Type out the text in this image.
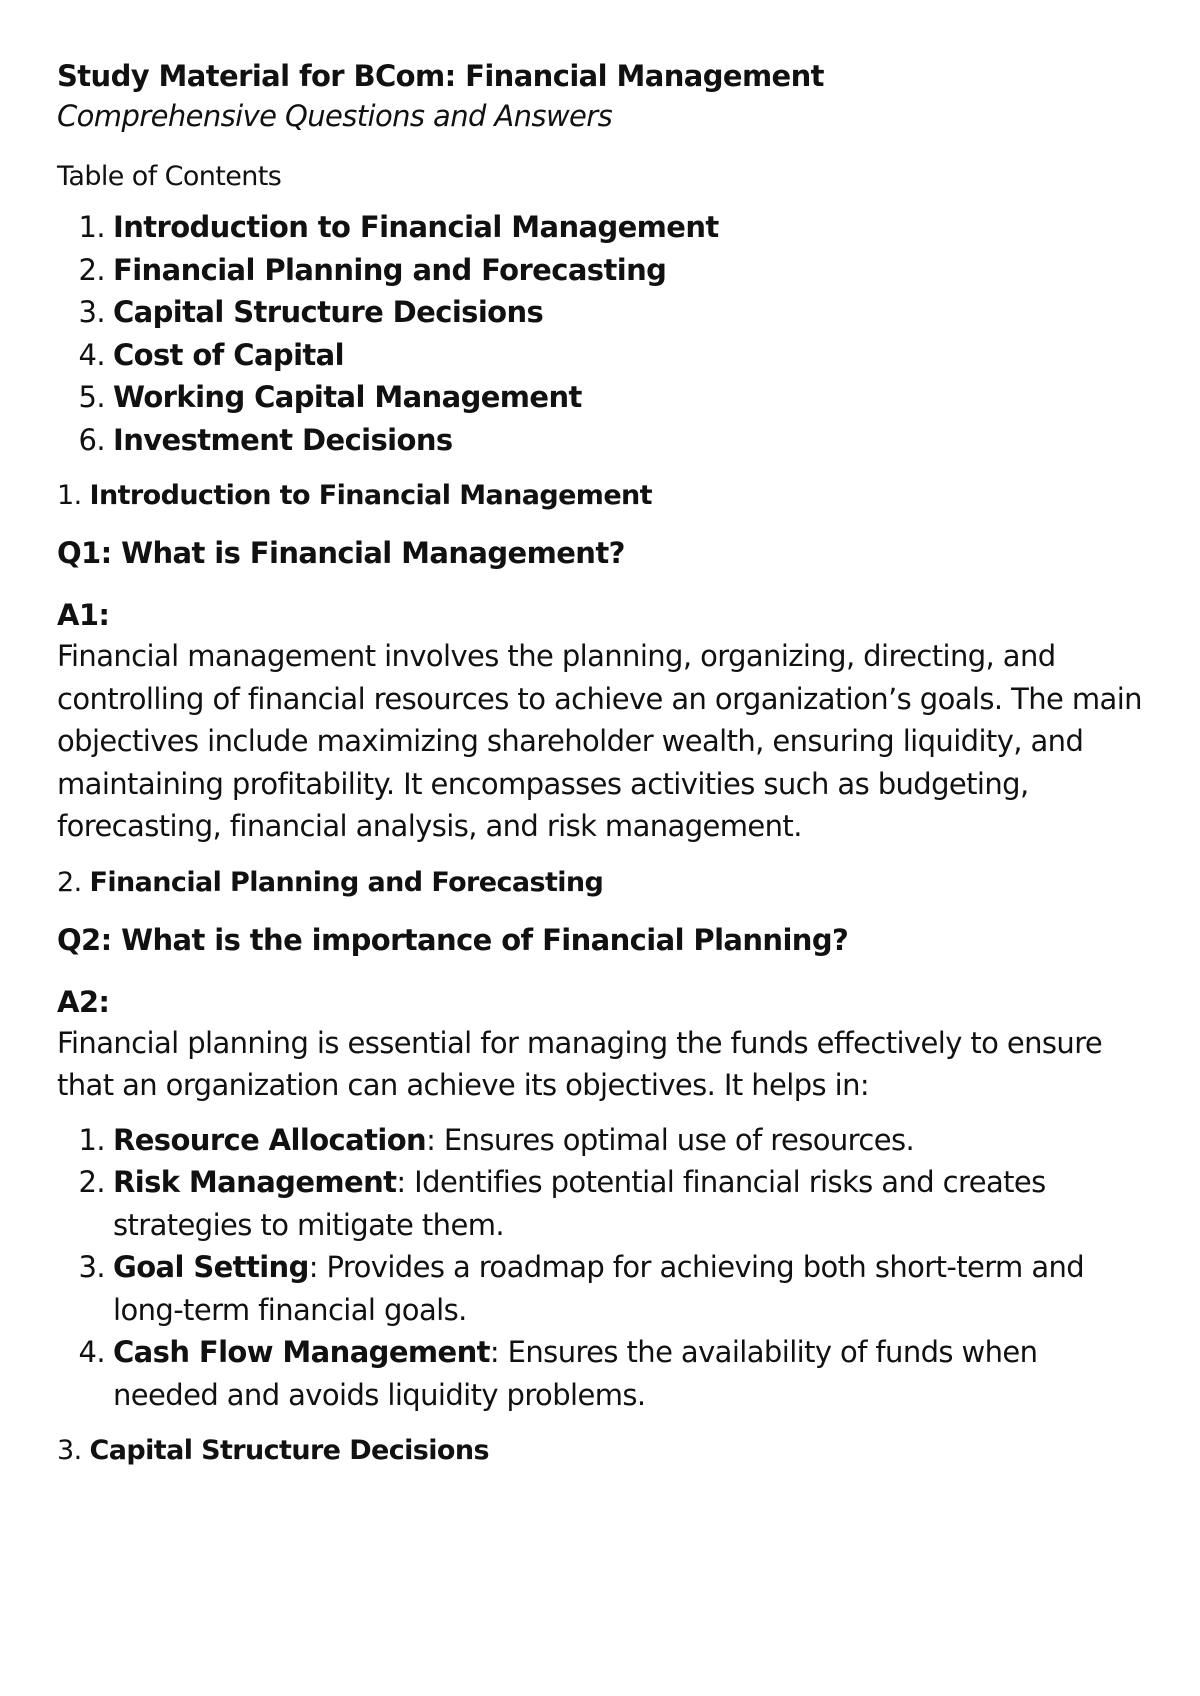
Study Material for BCom: Financial Management

Comprehensive Questions and Answers

Table of Contents

1. Introduction to Financial Management
2. Financial Planning and Forecasting
3. Capital Structure Decisions
4. Cost of Capital
5. Working Capital Management
6. Investment Decisions

1. Introduction to Financial Management

Q1: What is Financial Management?

A1:

Financial management involves the planning, organizing, directing, and controlling of financial resources to achieve an organization’s goals. The main objectives include maximizing shareholder wealth, ensuring liquidity, and maintaining profitability. It encompasses activities such as budgeting, forecasting, financial analysis, and risk management.

2. Financial Planning and Forecasting

Q2: What is the importance of Financial Planning?

A2:

Financial planning is essential for managing the funds effectively to ensure that an organization can achieve its objectives. It helps in:

1. Resource Allocation: Ensures optimal use of resources.
2. Risk Management: Identifies potential financial risks and creates strategies to mitigate them.
3. Goal Setting: Provides a roadmap for achieving both short-term and long-term financial goals.
4. Cash Flow Management: Ensures the availability of funds when needed and avoids liquidity problems.

3. Capital Structure Decisions
